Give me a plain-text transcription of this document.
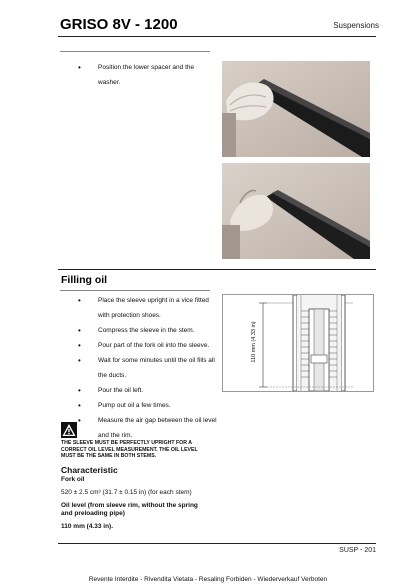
GRISO 8V - 1200	Suspensions
•	Position the lower spacer and the washer.
Filling oil
•	Place the sleeve upright in a vice fitted with protection shoes.
•	Compress the sleeve in the stem.
•	Pour part of the fork oil into the sleeve.
•	Wait for some minutes until the oil fills all the ducts.
•	Pour the oil left.
•	Pump out oil a few times.
•	Measure the air gap between the oil level and the rim.
110 mm (4.33 in)
THE SLEEVE MUST BE PERFECTLY UPRIGHT FOR A
CORRECT OIL LEVEL MEASUREMENT. THE OIL LEVEL
MUST BE THE SAME IN BOTH STEMS.
Characteristic
Fork oil
520 ± 2.5 cm³ (31.7 ± 0.15 in) (for each stem)
Oil level (from sleeve rim, without the spring
and preloading pipe)
110 mm (4.33 in).
SUSP - 201
Revente Interdite - Rivendita Vietata - Resaling Forbiden - Wiederverkauf Verboten
